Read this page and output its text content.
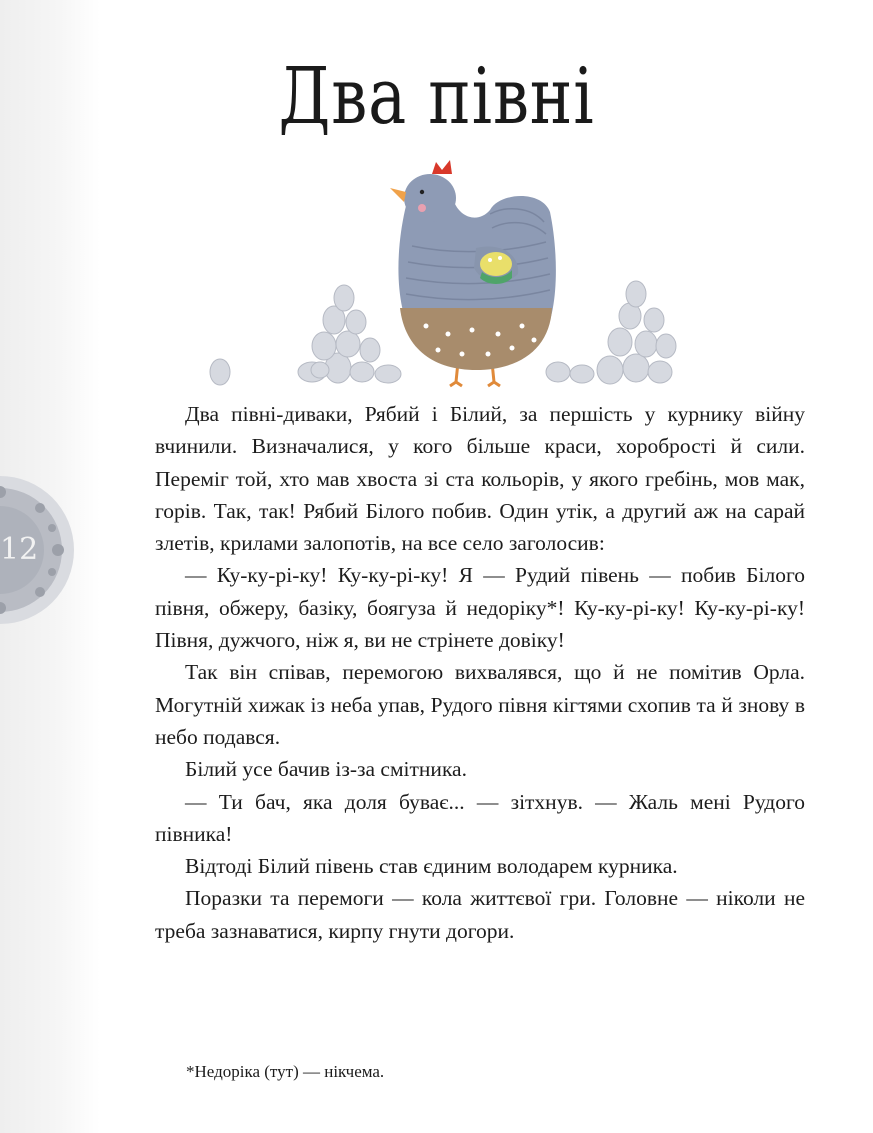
12
Два півні

Два півні-диваки, Рябий і Білий, за першість у курнику війну вчинили. Визначалися, у кого більше краси, хоробрості й сили. Переміг той, хто мав хвоста зі ста кольорів, у якого гребінь, мов мак, горів. Так, так! Рябий Білого побив. Один утік, а другий аж на сарай злетів, крилами залопотів, на все село заголосив:

— Ку-ку-рі-ку! Ку-ку-рі-ку! Я — Рудий півень — побив Білого півня, обжеру, базіку, боягуза й недоріку*! Ку-ку-рі-ку! Ку-ку-рі-ку! Півня, дужчого, ніж я, ви не стрінете довіку!

Так він співав, перемогою вихвалявся, що й не помітив Орла. Могутній хижак із неба упав, Рудого півня кігтями схопив та й знову в небо подався.

Білий усе бачив із-за смітника.

— Ти бач, яка доля буває... — зітхнув. — Жаль мені Рудого півника!

Відтоді Білий півень став єдиним володарем курника.

Поразки та перемоги — кола життєвої гри. Головне — ніколи не треба зазнаватися, кирпу гнути догори.

*Недоріка (тут) — нікчема.
